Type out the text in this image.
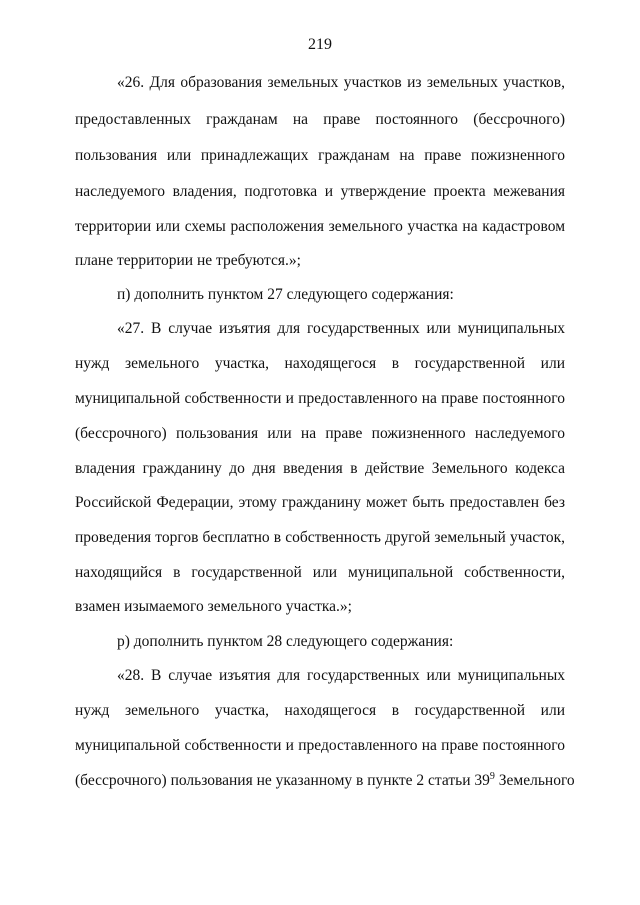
219
«26. Для образования земельных участков из земельных участков,
предоставленных гражданам на праве постоянного (бессрочного)
пользования или принадлежащих гражданам на праве пожизненного
наследуемого владения, подготовка и утверждение проекта межевания
территории или схемы расположения земельного участка на кадастровом
плане территории не требуются.»;
п) дополнить пунктом 27 следующего содержания:
«27. В случае изъятия для государственных или муниципальных
нужд земельного участка, находящегося в государственной или
муниципальной собственности и предоставленного на праве постоянного
(бессрочного) пользования или на праве пожизненного наследуемого
владения гражданину до дня введения в действие Земельного кодекса
Российской Федерации, этому гражданину может быть предоставлен без
проведения торгов бесплатно в собственность другой земельный участок,
находящийся в государственной или муниципальной собственности,
взамен изымаемого земельного участка.»;
р) дополнить пунктом 28 следующего содержания:
«28. В случае изъятия для государственных или муниципальных
нужд земельного участка, находящегося в государственной или
муниципальной собственности и предоставленного на праве постоянного
(бессрочного) пользования не указанному в пункте 2 статьи $39^9$ Земельного
